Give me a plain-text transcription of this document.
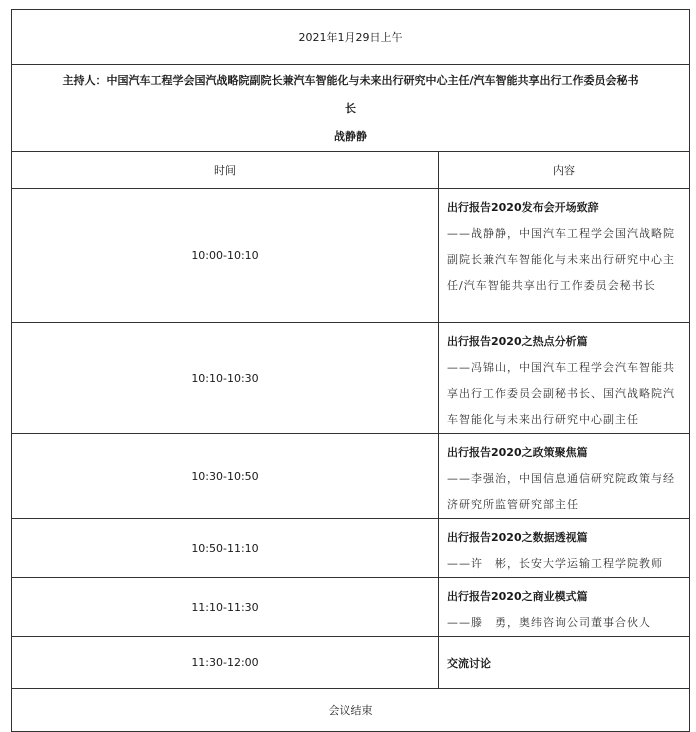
2021年1月29日上午	

主持人：中国汽车工程学会国汽战略院副院长兼汽车智能化与未来出行研究中心主任/汽车智能共享出行工作委员会秘书
长
战静静	

时间	内容
10:00-10:10	出行报告2020发布会开场致辞
——战静静，中国汽车工程学会国汽战略院副院长兼汽车智能化与未来出行研究中心主任/汽车智能共享出行工作委员会秘书长

10:10-10:30	出行报告2020之热点分析篇
——冯锦山，中国汽车工程学会汽车智能共享出行工作委员会副秘书长、国汽战略院汽车智能化与未来出行研究中心副主任

10:30-10:50	出行报告2020之政策聚焦篇
——李强治，中国信息通信研究院政策与经济研究所监管研究部主任

10:50-11:10	出行报告2020之数据透视篇
——许　彬，长安大学运输工程学院教师

11:10-11:30	出行报告2020之商业模式篇
——滕　勇，奥纬咨询公司董事合伙人

11:30-12:00	交流讨论
会议结束	
